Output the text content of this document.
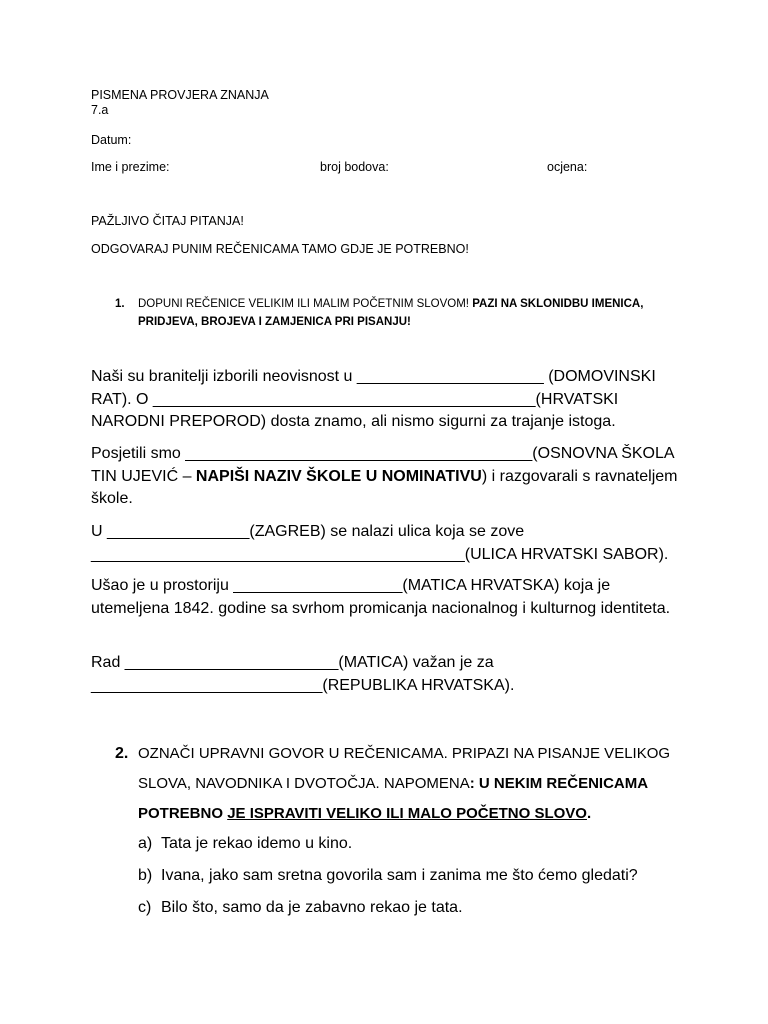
PISMENA PROVJERA ZNANJA
7.a
Datum:
Ime i prezime:	broj bodova:	ocjena:
PAŽLJIVO ČITAJ PITANJA!
ODGOVARAJ PUNIM REČENICAMA TAMO GDJE JE POTREBNO!
1. DOPUNI REČENICE VELIKIM ILI MALIM POČETNIM SLOVOM! PAZI NA SKLONIDBU IMENICA, PRIDJEVA, BROJEVA I ZAMJENICA PRI PISANJU!

Naši su branitelji izborili neovisnost u _____________________ (DOMOVINSKI RAT). O ___________________________________________(HRVATSKI NARODNI PREPOROD) dosta znamo, ali nismo sigurni za trajanje istoga.

Posjetili smo _______________________________________(OSNOVNA ŠKOLA TIN UJEVIĆ – NAPIŠI NAZIV ŠKOLE U NOMINATIVU) i razgovarali s ravnateljem škole.

U ________________(ZAGREB) se nalazi ulica koja se zove __________________________________________(ULICA HRVATSKI SABOR).

Ušao je u prostoriju ___________________(MATICA HRVATSKA) koja je utemeljena 1842. godine sa svrhom promicanja nacionalnog i kulturnog identiteta.

Rad ________________________(MATICA) važan je za __________________________(REPUBLIKA HRVATSKA).

2. OZNAČI UPRAVNI GOVOR U REČENICAMA. PRIPAZI NA PISANJE VELIKOG SLOVA, NAVODNIKA I DVOTOČJA. NAPOMENA: U NEKIM REČENICAMA POTREBNO JE ISPRAVITI VELIKO ILI MALO POČETNO SLOVO.
a) Tata je rekao idemo u kino.
b) Ivana, jako sam sretna govorila sam i zanima me što ćemo gledati?
c) Bilo što, samo da je zabavno rekao je tata.
